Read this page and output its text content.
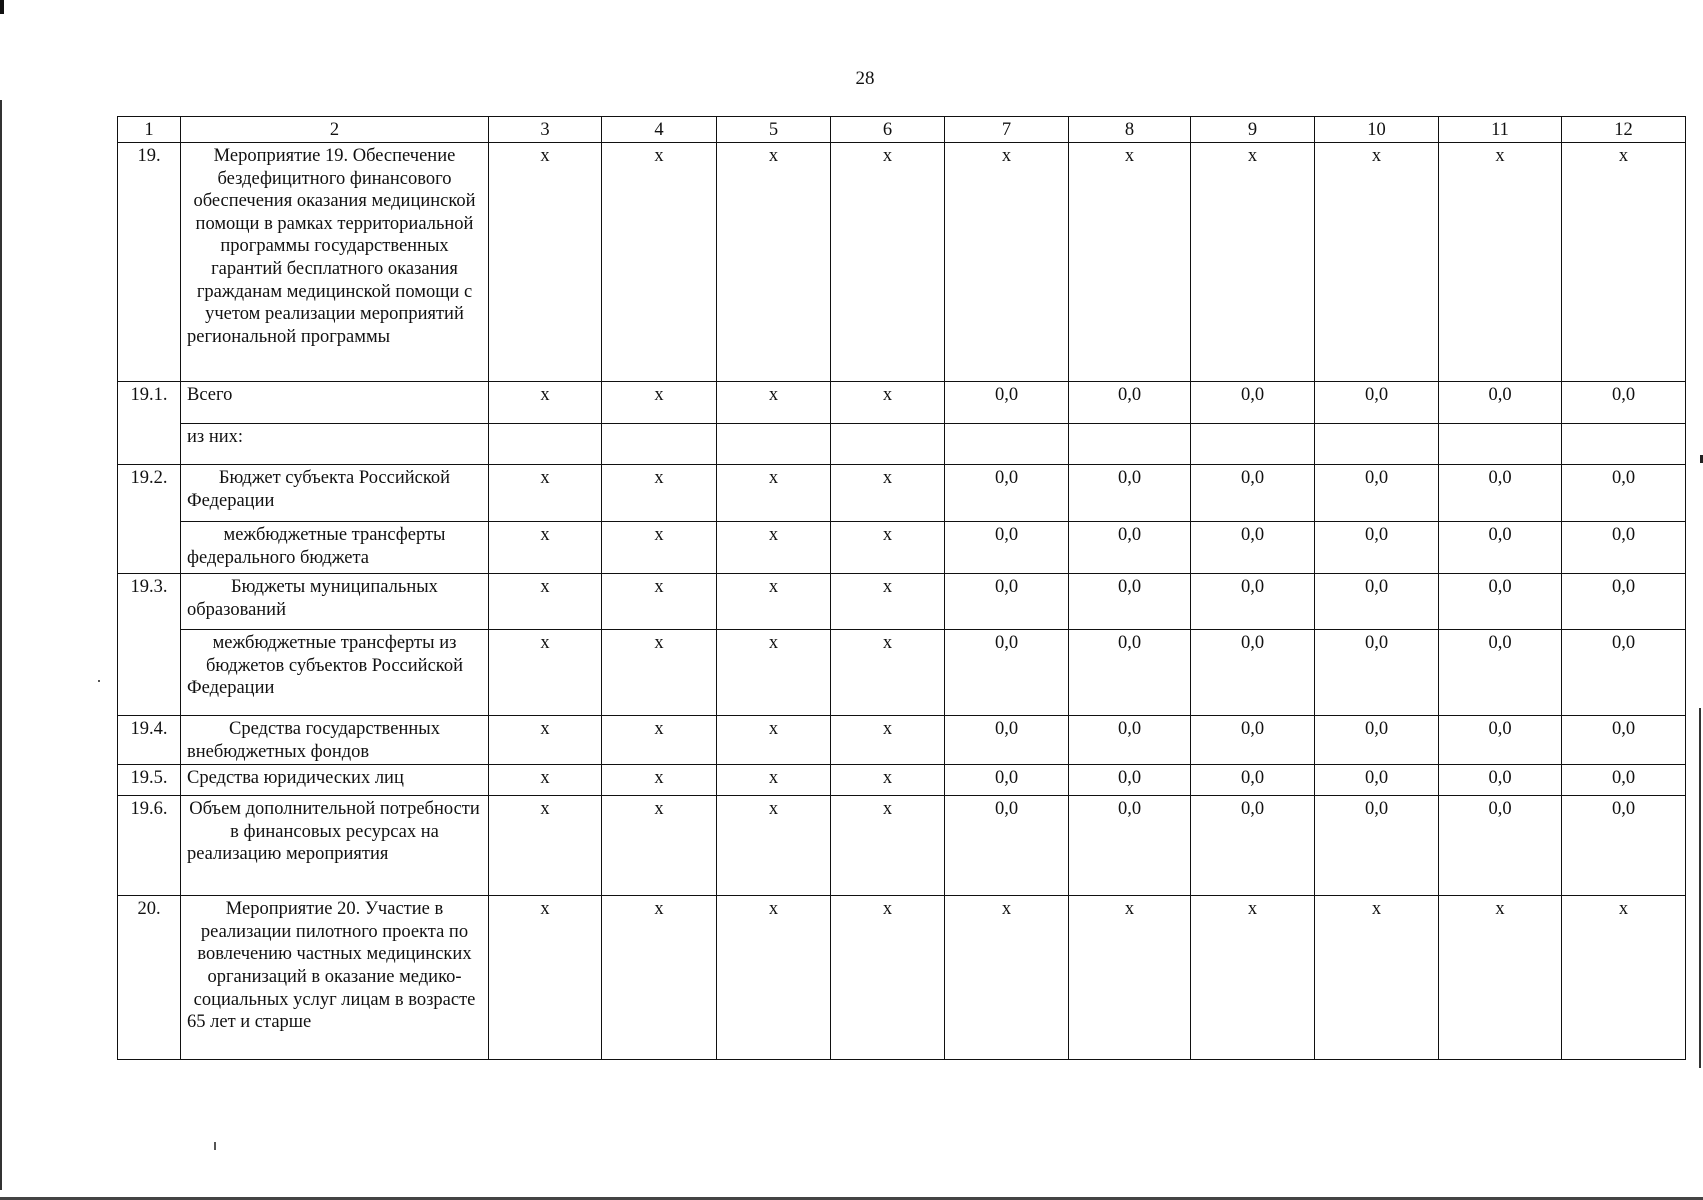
28
1	2	3	4	5	6	7	8	9	10	11	12
19.	Мероприятие 19. Обеспечение бездефицитного финансового обеспечения оказания медицинской помощи в рамках территориальной программы государственных гарантий бесплатного оказания гражданам медицинской помощи с учетом реализации мероприятий региональной программы	x	x	x	x	x	x	x	x	x	x
19.1.	Всего	x	x	x	x	0,0	0,0	0,0	0,0	0,0	0,0
	из них:										
19.2.	Бюджет субъекта Российской Федерации	x	x	x	x	0,0	0,0	0,0	0,0	0,0	0,0
	межбюджетные трансферты федерального бюджета	x	x	x	x	0,0	0,0	0,0	0,0	0,0	0,0
19.3.	Бюджеты муниципальных образований	x	x	x	x	0,0	0,0	0,0	0,0	0,0	0,0
	межбюджетные трансферты из бюджетов субъектов Российской Федерации	x	x	x	x	0,0	0,0	0,0	0,0	0,0	0,0
19.4.	Средства государственных внебюджетных фондов	x	x	x	x	0,0	0,0	0,0	0,0	0,0	0,0
19.5.	Средства юридических лиц	x	x	x	x	0,0	0,0	0,0	0,0	0,0	0,0
19.6.	Объем дополнительной потребности в финансовых ресурсах на реализацию мероприятия	x	x	x	x	0,0	0,0	0,0	0,0	0,0	0,0
20.	Мероприятие 20. Участие в реализации пилотного проекта по вовлечению частных медицинских организаций в оказание медико-социальных услуг лицам в возрасте 65 лет и старше	x	x	x	x	x	x	x	x	x	x
